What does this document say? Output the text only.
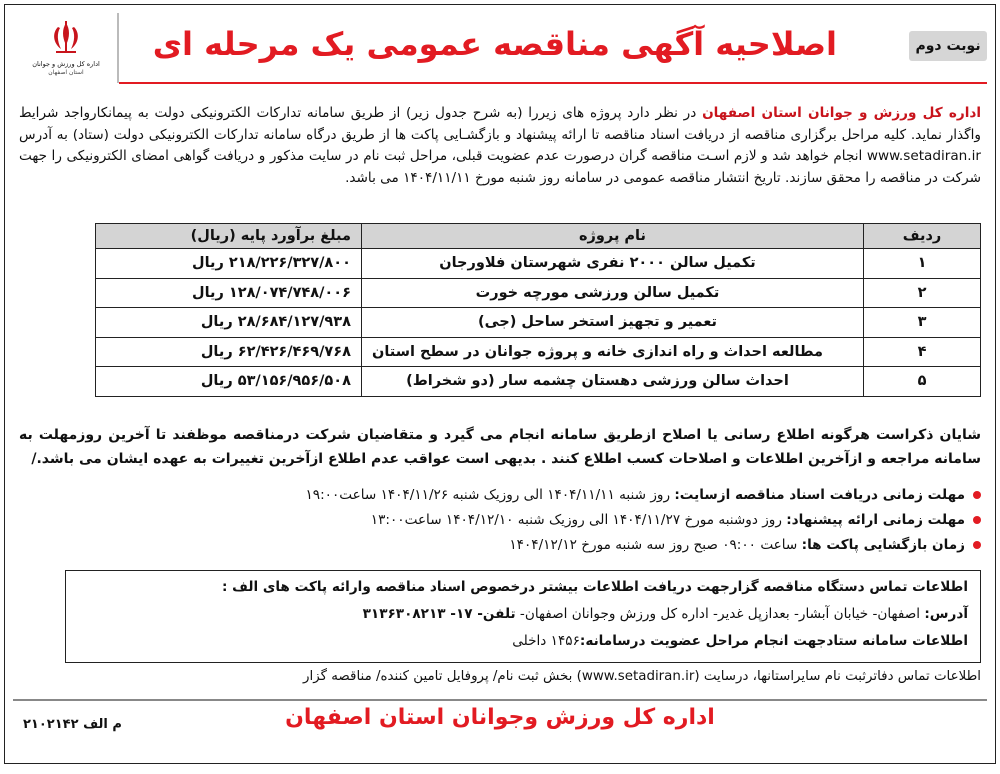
نوبت دوم
اصلاحیه آگهی مناقصه عمومی یک مرحله ای
اداره کل ورزش و جوانان
استان اصفهان
اداره کل ورزش و جوانان استان اصفهان در نظر دارد پروژه های زیررا (به شرح جدول زیر) از طریق سامانه تدارکات الکترونیکی دولت به پیمانکارواجد شرایط واگذار نماید. کلیه مراحل برگزاری مناقصه از دریافت اسناد مناقصه تا ارائه پیشنهاد و بازگشـایی پاکت ها از طریق درگاه سامانه تدارکات الکترونیکی دولت (ستاد) به آدرس www.setadiran.ir انجام خواهد شد و لازم اسـت مناقصه گران درصورت عدم عضویت قبلی، مراحل ثبت نام در سایت مذکور و دریافت گواهی امضای الکترونیکی را جهت شرکت در مناقصه را محقق سازند. تاریخ انتشار مناقصه عمومی در سامانه روز شنبه مورخ ۱۴۰۴/۱۱/۱۱ می باشد.
ردیف	نام پروژه	مبلغ برآورد پایه (ریال)
۱	تکمیل سالن ۲۰۰۰ نفری شهرستان فلاورجان	۲۱۸/۲۲۶/۳۲۷/۸۰۰ ریال
۲	تکمیل سالن ورزشی مورچه خورت	۱۲۸/۰۷۴/۷۴۸/۰۰۶ ریال
۳	تعمیر و تجهیز استخر ساحل (جی)	۲۸/۶۸۴/۱۲۷/۹۳۸ ریال
۴	مطالعه احداث و راه اندازی خانه و پروژه جوانان در سطح استان	۶۲/۴۲۶/۴۶۹/۷۶۸ ریال
۵	احداث سالن ورزشی دهستان چشمه سار (دو شخراط)	۵۳/۱۵۶/۹۵۶/۵۰۸ ریال
شایان ذکراست هرگونه اطلاع رسانی یا اصلاح ازطریق سامانه انجام می گیرد و متقاضیان شرکت درمناقصه موظفند تا آخرین روزمهلت به سامانه مراجعه و ازآخرین اطلاعات و اصلاحات کسب اطلاع کنند . بدیهی است عواقب عدم اطلاع ازآخرین تغییرات به عهده ایشان می باشد./
مهلت زمانی دریافت اسناد مناقصه ازسایت: روز شنبه ۱۴۰۴/۱۱/۱۱ الی روزیک شنبه ۱۴۰۴/۱۱/۲۶ ساعت۱۹:۰۰
مهلت زمانی ارائه پیشنهاد: روز دوشنبه مورخ ۱۴۰۴/۱۱/۲۷ الی روزیک شنبه ۱۴۰۴/۱۲/۱۰ ساعت۱۳:۰۰
زمان بازگشایی پاکت ها: ساعت ۰۹:۰۰ صبح روز سه شنبه مورخ ۱۴۰۴/۱۲/۱۲
اطلاعات تماس دستگاه مناقصه گزارجهت دریافت اطلاعات بیشتر درخصوص اسناد مناقصه وارائه پاکت های الف :
آدرس: اصفهان- خیابان آبشار- بعدازپل غدیر- اداره کل ورزش وجوانان اصفهان- تلفن- ۱۷- ۳۱۳۶۳۰۸۲۱۳
اطلاعات سامانه ستادجهت انجام مراحل عضویت درسامانه:۱۴۵۶ داخلی
اطلاعات تماس دفاترثبت نام سایراستانها، درسایت (www.setadiran.ir) بخش ثبت نام/ پروفایل تامین کننده/ مناقصه گزار
اداره کل ورزش وجوانان استان اصفهان
م الف ۲۱۰۲۱۴۲
